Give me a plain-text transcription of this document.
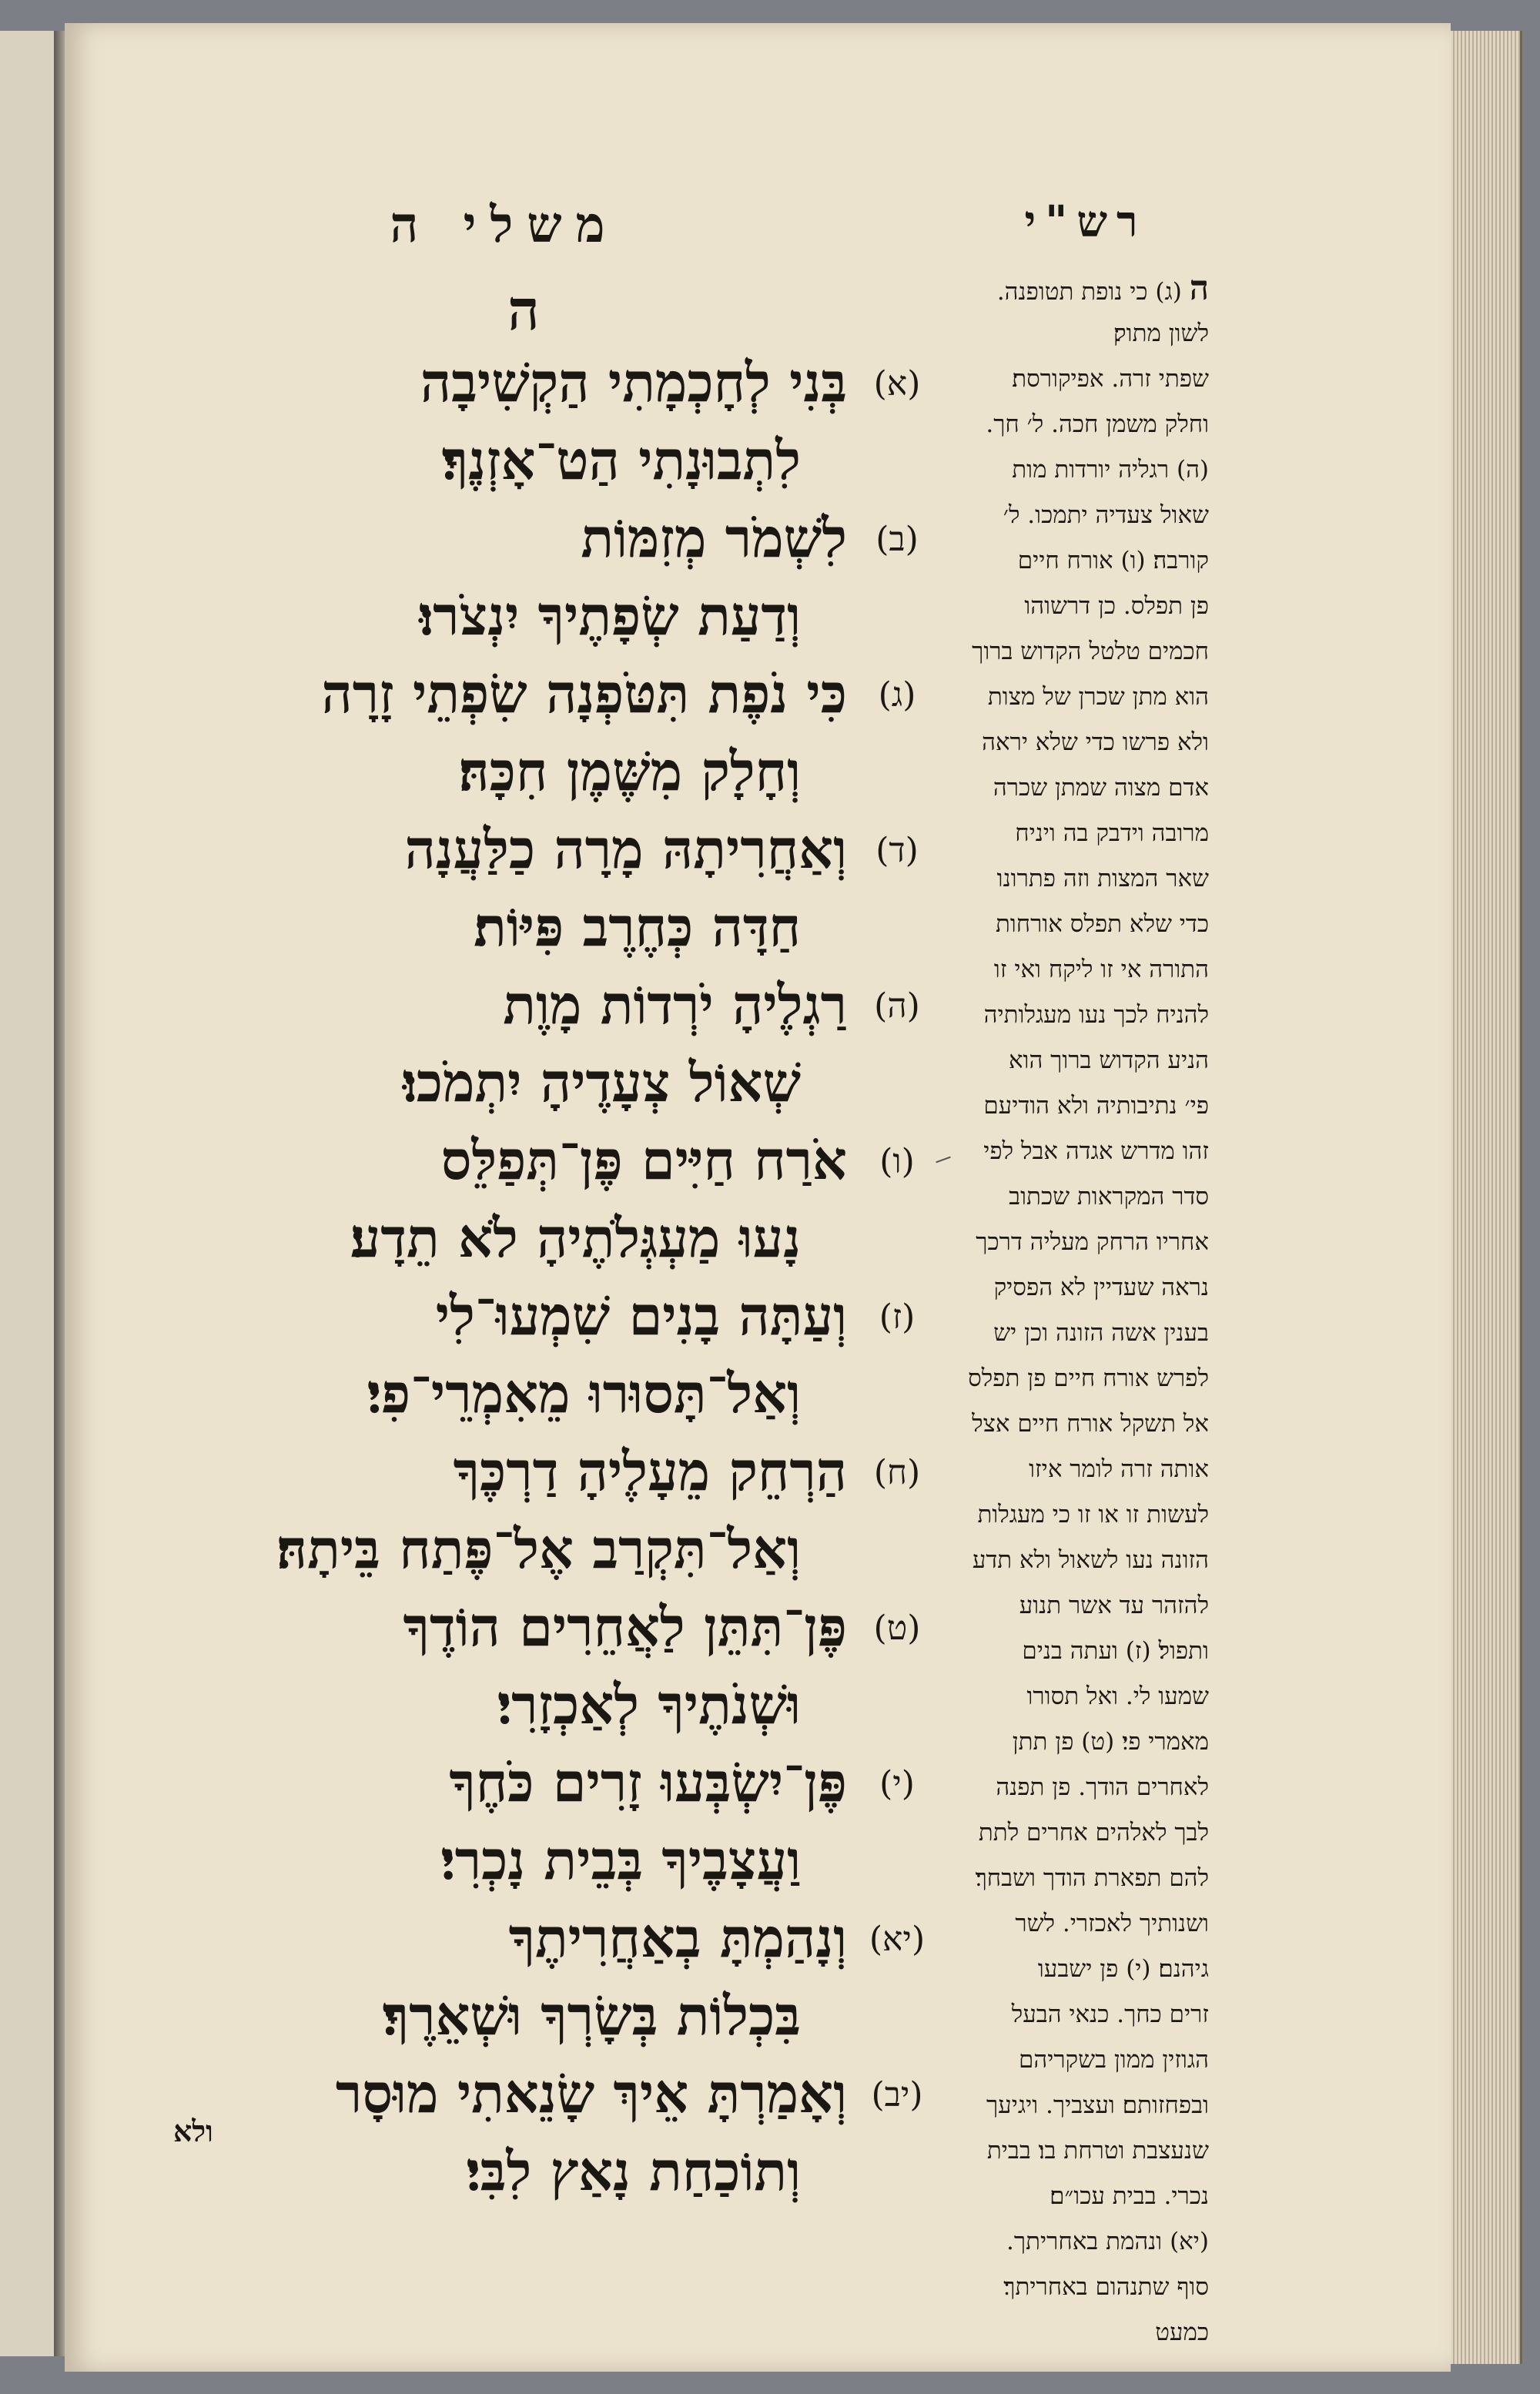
משלי ה	רש"י
ה
(א)
בְּנִי לְחָכְמָתִי הַקְשִׁיבָה
לִתְבוּנָתִי הַט־אָזְנֶךָ׃
(ב)
לִשְׁמֹר מְזִמּוֹת
וְדַעַת שְׂפָתֶיךָ יִנְצֹרוּ׃
(ג)
כִּי נֹפֶת תִּטֹּפְנָה שִׂפְתֵי זָרָה
וְחָלָק מִשֶּׁמֶן חִכָּהּ׃
(ד)
וְאַחֲרִיתָהּ מָרָה כַלַּעֲנָה
חַדָּה כְּחֶרֶב פִּיּוֹת׃
(ה)
רַגְלֶיהָ יֹרְדוֹת מָוֶת
שְׁאוֹל צְעָדֶיהָ יִתְמֹכוּ׃
(ו)
אֹרַח חַיִּים פֶּן־תְּפַלֵּס
נָעוּ מַעְגְּלֹתֶיהָ לֹא תֵדָע׃
(ז)
וְעַתָּה בָנִים שִׁמְעוּ־לִי
וְאַל־תָּסוּרוּ מֵאִמְרֵי־פִי׃
(ח)
הַרְחֵק מֵעָלֶיהָ דַרְכֶּךָ
וְאַל־תִּקְרַב אֶל־פֶּתַח בֵּיתָהּ׃
(ט)
פֶּן־תִּתֵּן לַאֲחֵרִים הוֹדֶךָ
וּשְׁנֹתֶיךָ לְאַכְזָרִי׃
(י)
פֶּן־יִשְׂבְּעוּ זָרִים כֹּחֶךָ
וַעֲצָבֶיךָ בְּבֵית נָכְרִי׃
(יא)
וְנָהַמְתָּ בְאַחֲרִיתֶךָ
בִּכְלוֹת בְּשָׂרְךָ וּשְׁאֵרֶךָ׃
(יב)
וְאָמַרְתָּ אֵיךְ שָׂנֵאתִי מוּסָר
וְתוֹכַחַת נָאַץ לִבִּי׃
ולא
ה (ג) כי נופת תטופנה.
לשון מתוק׃
שפתי זרה. אפיקורסת׃
וחלק משמן חכה. ל׳ חך.
(ה) רגליה יורדות מות
שאול צעדיה יתמכו. ל׳
קורבה׃ (ו) אורח חיים
פן תפלס. כן דרשוהו
חכמים טלטל הקדוש ברוך
הוא מתן שכרן של מצות
ולא פרשו כדי שלא יראה
אדם מצוה שמתן שכרה
מרובה וידבק בה ויניח
שאר המצות וזה פתרונו
כדי שלא תפלס אורחות
התורה אי זו ליקח ואי זו
להניח לכך נעו מעגלותיה
הניע הקדוש ברוך הוא
פי׳ נתיבותיה ולא הודיעם
זהו מדרש אגדה אבל לפי
סדר המקראות שכתוב
אחריו הרחק מעליה דרכך
נראה שעדיין לא הפסיק
בענין אשה הזונה וכן יש
לפרש אורח חיים פן תפלס
אל תשקל אורח חיים אצל
אותה זרה לומר איזו
לעשות זו או זו כי מעגלות
הזונה נעו לשאול ולא תדע
להזהר עד אשר תנוע
ותפול׃ (ז) ועתה בנים
שמעו לי. ואל תסורו
מאמרי פי׃ (ט) פן תתן
לאחרים הודך. פן תפנה
לבך לאלהים אחרים לתת
להם תפארת הודך ושבחך׃
ושנותיך לאכזרי. לשר
גיהנם׃ (י) פן ישבעו
זרים כחך. כנאי הבעל
הגוזין ממון בשקריהם
ובפחזותם׃ ועצביך. ויגיעך
שנעצבת וטרחת בו׃ בבית
נכרי. בבית עכו״ם׃
(יא) ונהמת באחריתך.
סוף שתנהום באחריתך׃
כמעט
